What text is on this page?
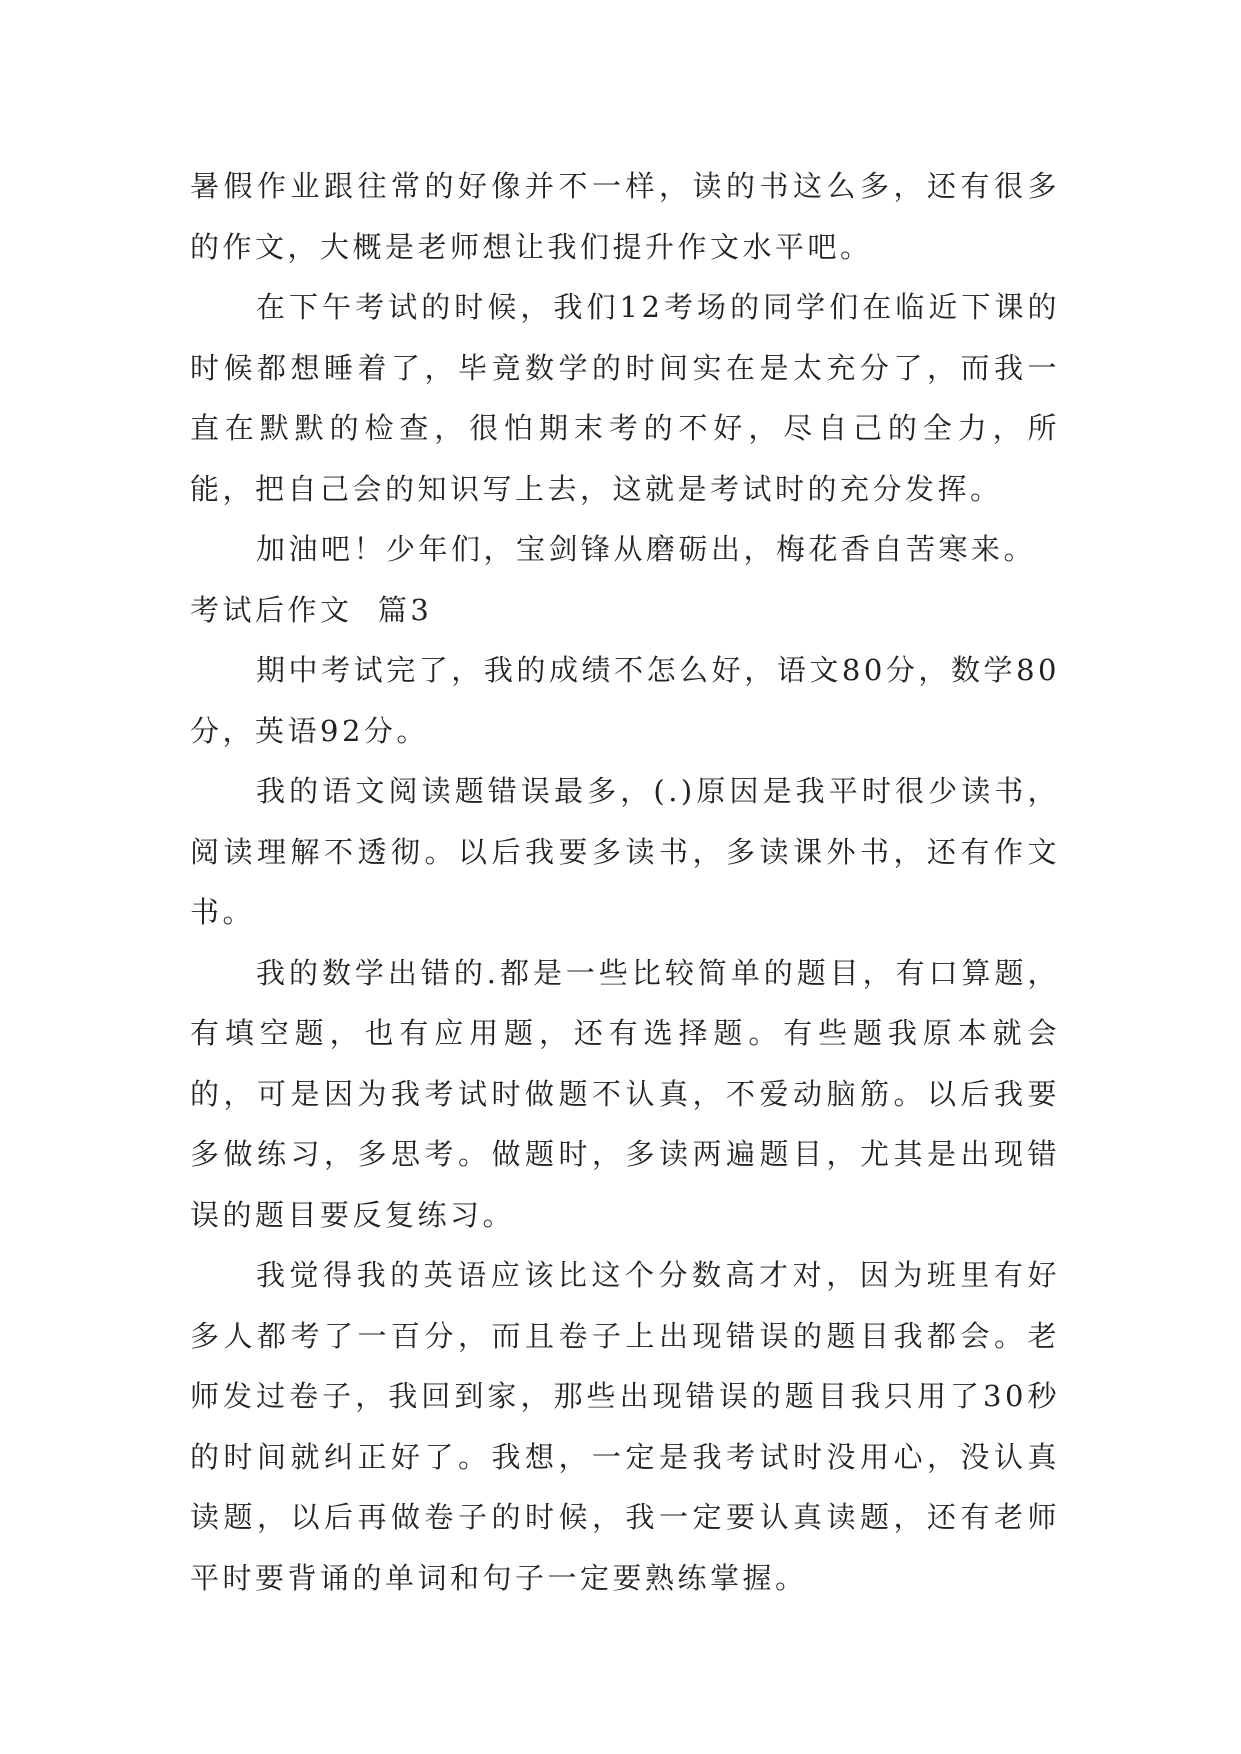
暑假作业跟往常的好像并不一样，读的书这么多，还有很多的作文，大概是老师想让我们提升作文水平吧。

在下午考试的时候，我们12考场的同学们在临近下课的时候都想睡着了，毕竟数学的时间实在是太充分了，而我一直在默默的检查，很怕期末考的不好，尽自己的全力，所能，把自己会的知识写上去，这就是考试时的充分发挥。

加油吧！少年们，宝剑锋从磨砺出，梅花香自苦寒来。

考试后作文  篇3

期中考试完了，我的成绩不怎么好，语文80分，数学80分，英语92分。

我的语文阅读题错误最多，(.)原因是我平时很少读书，阅读理解不透彻。以后我要多读书，多读课外书，还有作文书。

我的数学出错的.都是一些比较简单的题目，有口算题，有填空题，也有应用题，还有选择题。有些题我原本就会的，可是因为我考试时做题不认真，不爱动脑筋。以后我要多做练习，多思考。做题时，多读两遍题目，尤其是出现错误的题目要反复练习。

我觉得我的英语应该比这个分数高才对，因为班里有好多人都考了一百分，而且卷子上出现错误的题目我都会。老师发过卷子，我回到家，那些出现错误的题目我只用了30秒的时间就纠正好了。我想，一定是我考试时没用心，没认真读题，以后再做卷子的时候，我一定要认真读题，还有老师平时要背诵的单词和句子一定要熟练掌握。
